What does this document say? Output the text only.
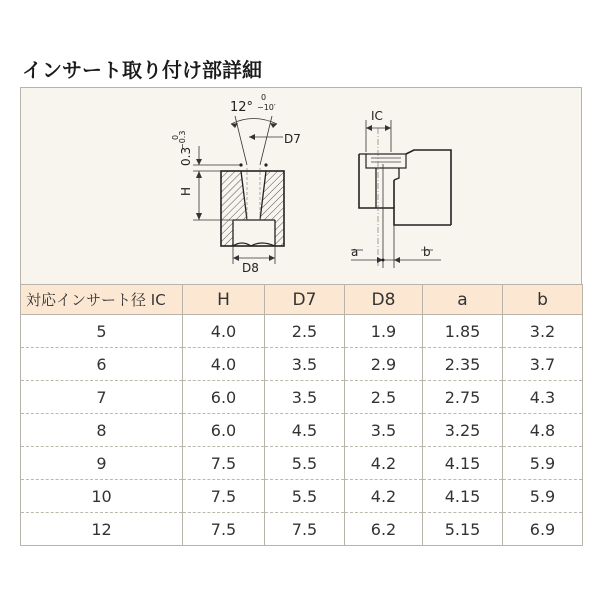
インサート取り付け部詳細
H
0.3
0
−0.3
12°
0
−10′
D7
D8
IC
a	b
対応インサート径 IC	H	D7	D8	a	b
5	4.0	2.5	1.9	1.85	3.2
6	4.0	3.5	2.9	2.35	3.7
7	6.0	3.5	2.5	2.75	4.3
8	6.0	4.5	3.5	3.25	4.8
9	7.5	5.5	4.2	4.15	5.9
10	7.5	5.5	4.2	4.15	5.9
12	7.5	7.5	6.2	5.15	6.9
